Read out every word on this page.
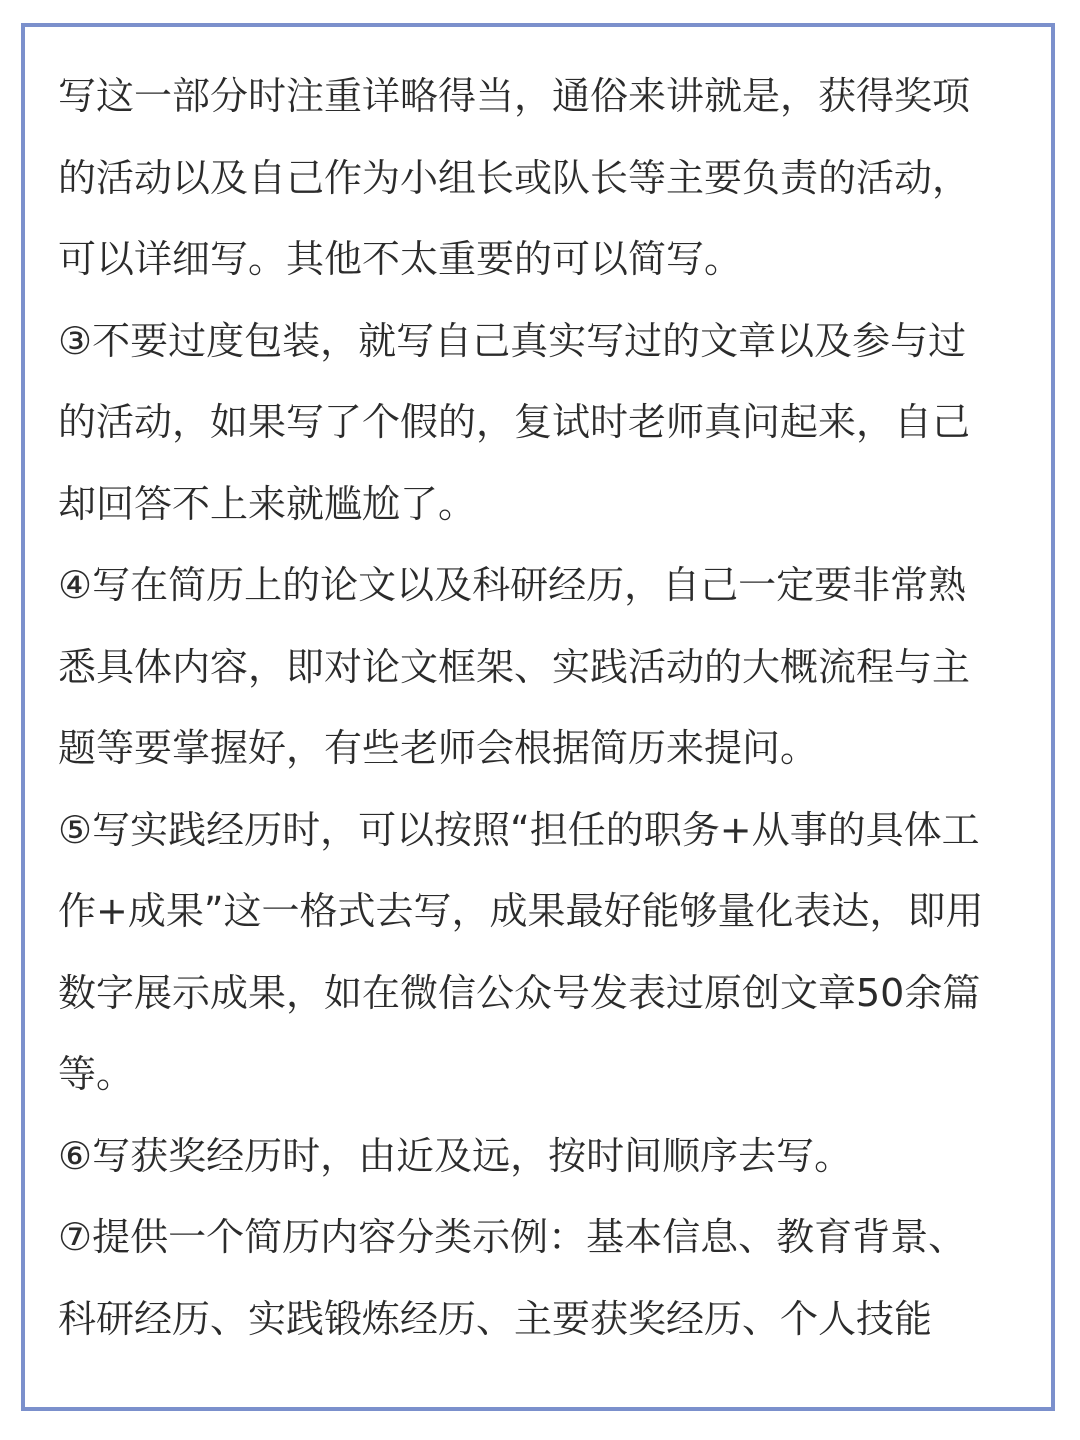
写这一部分时注重详略得当，通俗来讲就是，获得奖项
的活动以及自己作为小组长或队长等主要负责的活动，
可以详细写。其他不太重要的可以简写。
③不要过度包装，就写自己真实写过的文章以及参与过
的活动，如果写了个假的，复试时老师真问起来，自己
却回答不上来就尴尬了。
④写在简历上的论文以及科研经历，自己一定要非常熟
悉具体内容，即对论文框架、实践活动的大概流程与主
题等要掌握好，有些老师会根据简历来提问。
⑤写实践经历时，可以按照“担任的职务+从事的具体工
作+成果”这一格式去写，成果最好能够量化表达，即用
数字展示成果，如在微信公众号发表过原创文章50余篇
等。
⑥写获奖经历时，由近及远，按时间顺序去写。
⑦提供一个简历内容分类示例：基本信息、教育背景、
科研经历、实践锻炼经历、主要获奖经历、个人技能
